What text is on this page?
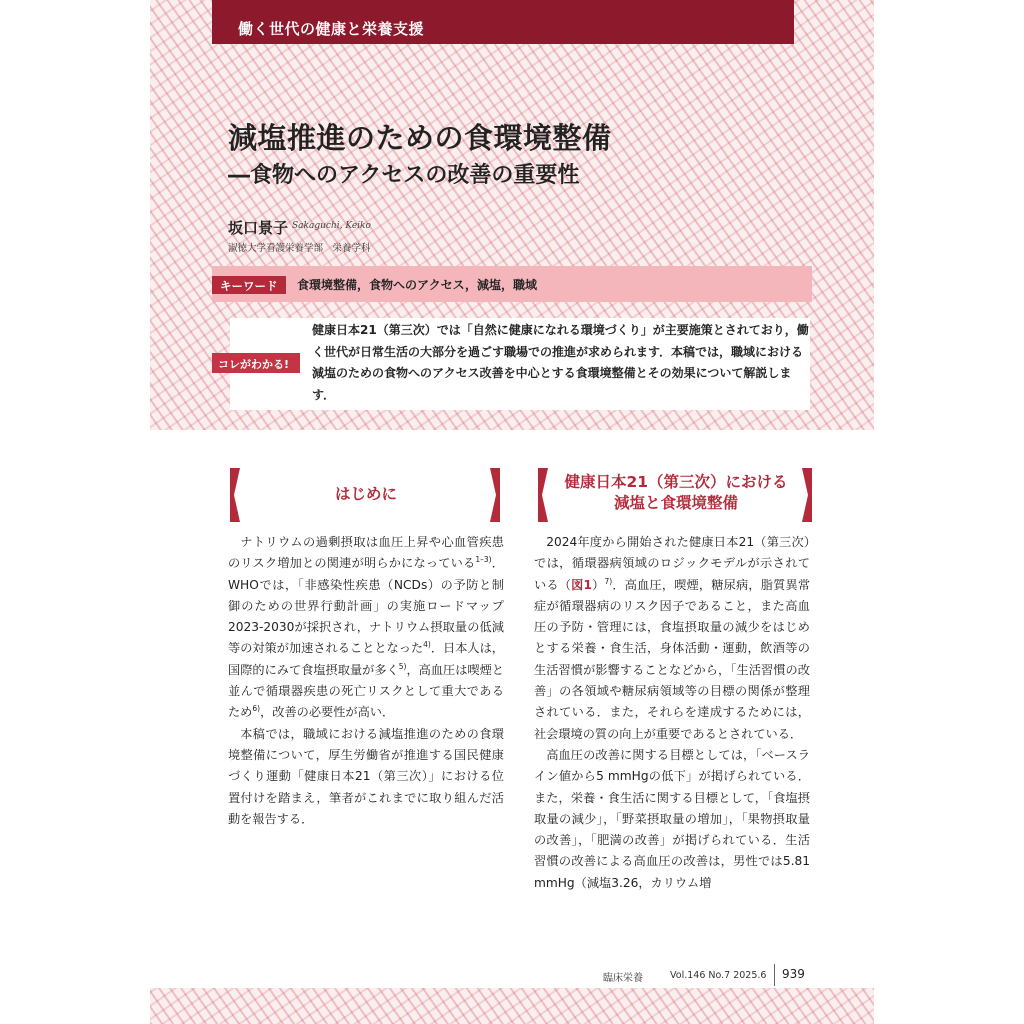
働く世代の健康と栄養支援
減塩推進のための食環境整備
―食物へのアクセスの改善の重要性
坂口景子 Sakaguchi, Keiko
淑徳大学看護栄養学部　栄養学科
キーワード	食環境整備，食物へのアクセス，減塩，職域
コレがわかる!
健康日本21（第三次）では「自然に健康になれる環境づくり」が主要施策とされており，働く世代が日常生活の大部分を過ごす職場での推進が求められます．本稿では，職域における減塩のための食物へのアクセス改善を中心とする食環境整備とその効果について解説します．
はじめに
健康日本21（第三次）における
減塩と食環境整備

ナトリウムの過剰摂取は血圧上昇や心血管疾患のリスク増加との関連が明らかになっている$^{1-3)}$．WHOでは，「非感染性疾患（NCDs）の予防と制御のための世界行動計画」の実施ロードマップ2023-2030が採択され，ナトリウム摂取量の低減等の対策が加速されることとなった$^{4)}$．日本人は，国際的にみて食塩摂取量が多く$^{5)}$，高血圧は喫煙と並んで循環器疾患の死亡リスクとして重大であるため$^{6)}$，改善の必要性が高い．

本稿では，職域における減塩推進のための食環境整備について，厚生労働省が推進する国民健康づくり運動「健康日本21（第三次）」における位置付けを踏まえ，筆者がこれまでに取り組んだ活動を報告する．

2024年度から開始された健康日本21（第三次）では，循環器病領域のロジックモデルが示されている（図1）$^{7)}$．高血圧，喫煙，糖尿病，脂質異常症が循環器病のリスク因子であること，また高血圧の予防・管理には，食塩摂取量の減少をはじめとする栄養・食生活，身体活動・運動，飲酒等の生活習慣が影響することなどから，「生活習慣の改善」の各領域や糖尿病領域等の目標の関係が整理されている．また，それらを達成するためには，社会環境の質の向上が重要であるとされている．

高血圧の改善に関する目標としては，「ベースライン値から5 mmHgの低下」が掲げられている．また，栄養・食生活に関する目標として，「食塩摂取量の減少」，「野菜摂取量の増加」，「果物摂取量の改善」，「肥満の改善」が掲げられている．生活習慣の改善による高血圧の改善は，男性では5.81 mmHg（減塩3.26，カリウム増

臨床栄養	Vol.146 No.7 2025.6 939
